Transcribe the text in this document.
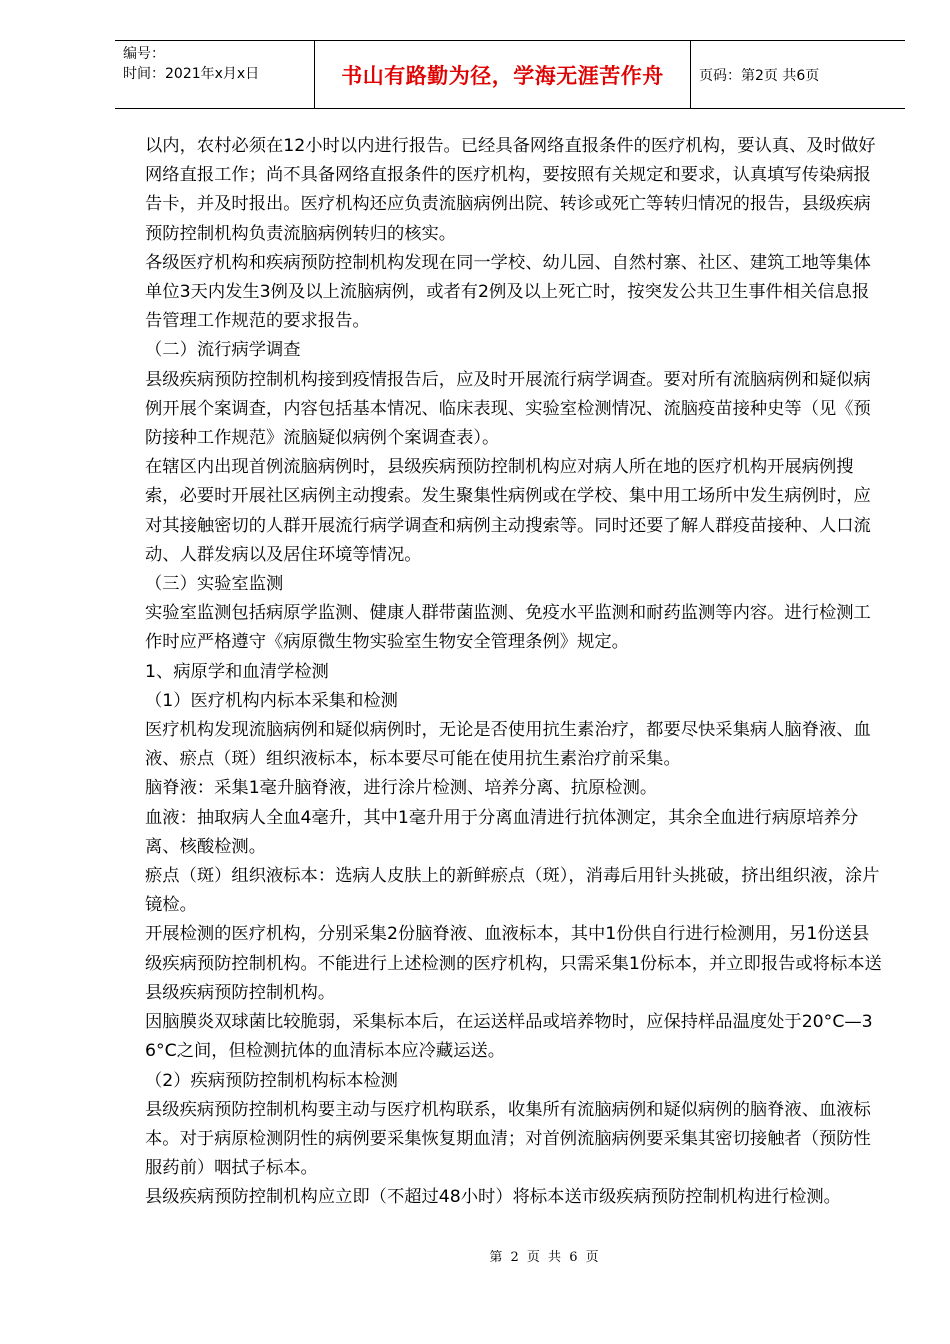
编号：
时间：2021年x月x日	书山有路勤为径，学海无涯苦作舟	页码：第2页 共6页

以内，农村必须在12小时以内进行报告。已经具备网络直报条件的医疗机构，要认真、及时做好网络直报工作；尚不具备网络直报条件的医疗机构，要按照有关规定和要求，认真填写传染病报告卡，并及时报出。医疗机构还应负责流脑病例出院、转诊或死亡等转归情况的报告，县级疾病预防控制机构负责流脑病例转归的核实。

各级医疗机构和疾病预防控制机构发现在同一学校、幼儿园、自然村寨、社区、建筑工地等集体单位3天内发生3例及以上流脑病例，或者有2例及以上死亡时，按突发公共卫生事件相关信息报告管理工作规范的要求报告。

（二）流行病学调查

县级疾病预防控制机构接到疫情报告后，应及时开展流行病学调查。要对所有流脑病例和疑似病例开展个案调查，内容包括基本情况、临床表现、实验室检测情况、流脑疫苗接种史等（见《预防接种工作规范》流脑疑似病例个案调查表）。

在辖区内出现首例流脑病例时，县级疾病预防控制机构应对病人所在地的医疗机构开展病例搜索，必要时开展社区病例主动搜索。发生聚集性病例或在学校、集中用工场所中发生病例时，应对其接触密切的人群开展流行病学调查和病例主动搜索等。同时还要了解人群疫苗接种、人口流动、人群发病以及居住环境等情况。

（三）实验室监测

实验室监测包括病原学监测、健康人群带菌监测、免疫水平监测和耐药监测等内容。进行检测工作时应严格遵守《病原微生物实验室生物安全管理条例》规定。

1、病原学和血清学检测

（1）医疗机构内标本采集和检测

医疗机构发现流脑病例和疑似病例时，无论是否使用抗生素治疗，都要尽快采集病人脑脊液、血液、瘀点（斑）组织液标本，标本要尽可能在使用抗生素治疗前采集。

脑脊液：采集1毫升脑脊液，进行涂片检测、培养分离、抗原检测。

血液：抽取病人全血4毫升，其中1毫升用于分离血清进行抗体测定，其余全血进行病原培养分离、核酸检测。

瘀点（斑）组织液标本：选病人皮肤上的新鲜瘀点（斑），消毒后用针头挑破，挤出组织液，涂片镜检。

开展检测的医疗机构，分别采集2份脑脊液、血液标本，其中1份供自行进行检测用，另1份送县级疾病预防控制机构。不能进行上述检测的医疗机构，只需采集1份标本，并立即报告或将标本送县级疾病预防控制机构。

因脑膜炎双球菌比较脆弱，采集标本后，在运送样品或培养物时，应保持样品温度处于20°C—36°C之间，但检测抗体的血清标本应冷藏运送。

（2）疾病预防控制机构标本检测

县级疾病预防控制机构要主动与医疗机构联系，收集所有流脑病例和疑似病例的脑脊液、血液标本。对于病原检测阴性的病例要采集恢复期血清；对首例流脑病例要采集其密切接触者（预防性服药前）咽拭子标本。

县级疾病预防控制机构应立即（不超过48小时）将标本送市级疾病预防控制机构进行检测。

第 2 页 共 6 页
